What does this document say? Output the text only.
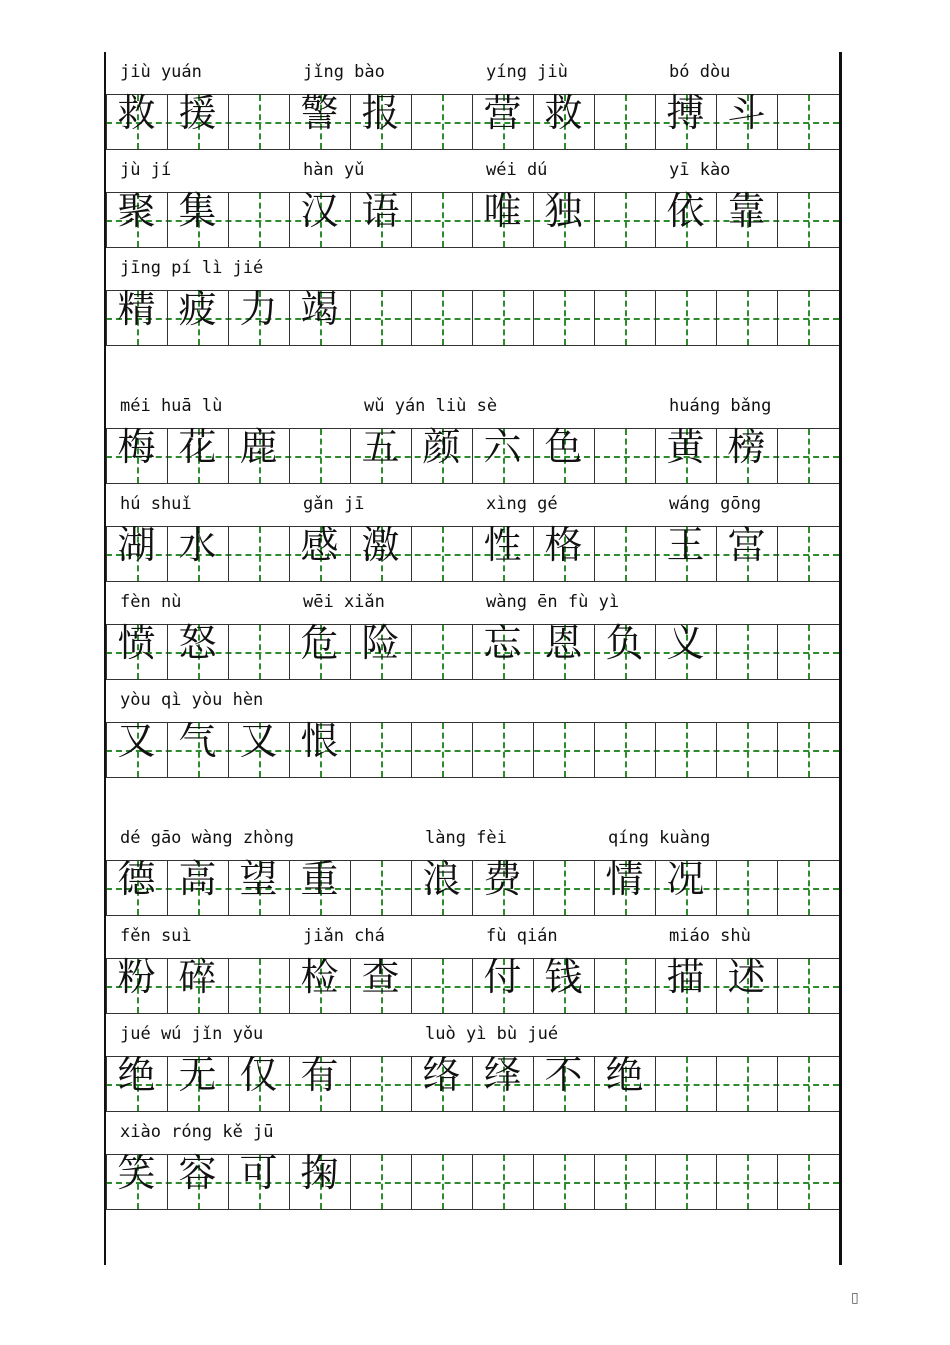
jiù yuán	jǐng bào	yíng jiù	bó dòu
救 援	警 报	营 救	搏 斗
jù jí	hàn yǔ	wéi dú	yī kào
聚 集	汉 语	唯 独	依 靠
jīng pí lì jié
精 疲 力 竭
méi huā lù	wǔ yán liù sè	huáng bǎng
梅 花 鹿	五 颜 六 色	黄 榜
hú shuǐ	gǎn jī	xìng gé	wáng gōng
湖 水	感 激	性 格	王 宫
fèn nù	wēi xiǎn	wàng ēn fù yì
愤 怒	危 险	忘 恩 负 义
yòu qì yòu hèn
又 气 又 恨
dé gāo wàng zhòng	làng fèi	qíng kuàng
德 高 望 重	浪 费	情 况
fěn suì	jiǎn chá	fù qián	miáo shù
粉 碎	检 查	付 钱	描 述
jué wú jǐn yǒu	luò yì bù jué
绝 无 仅 有	络 绎 不 绝
xiào róng kě jū
笑 容 可 掬
▯
